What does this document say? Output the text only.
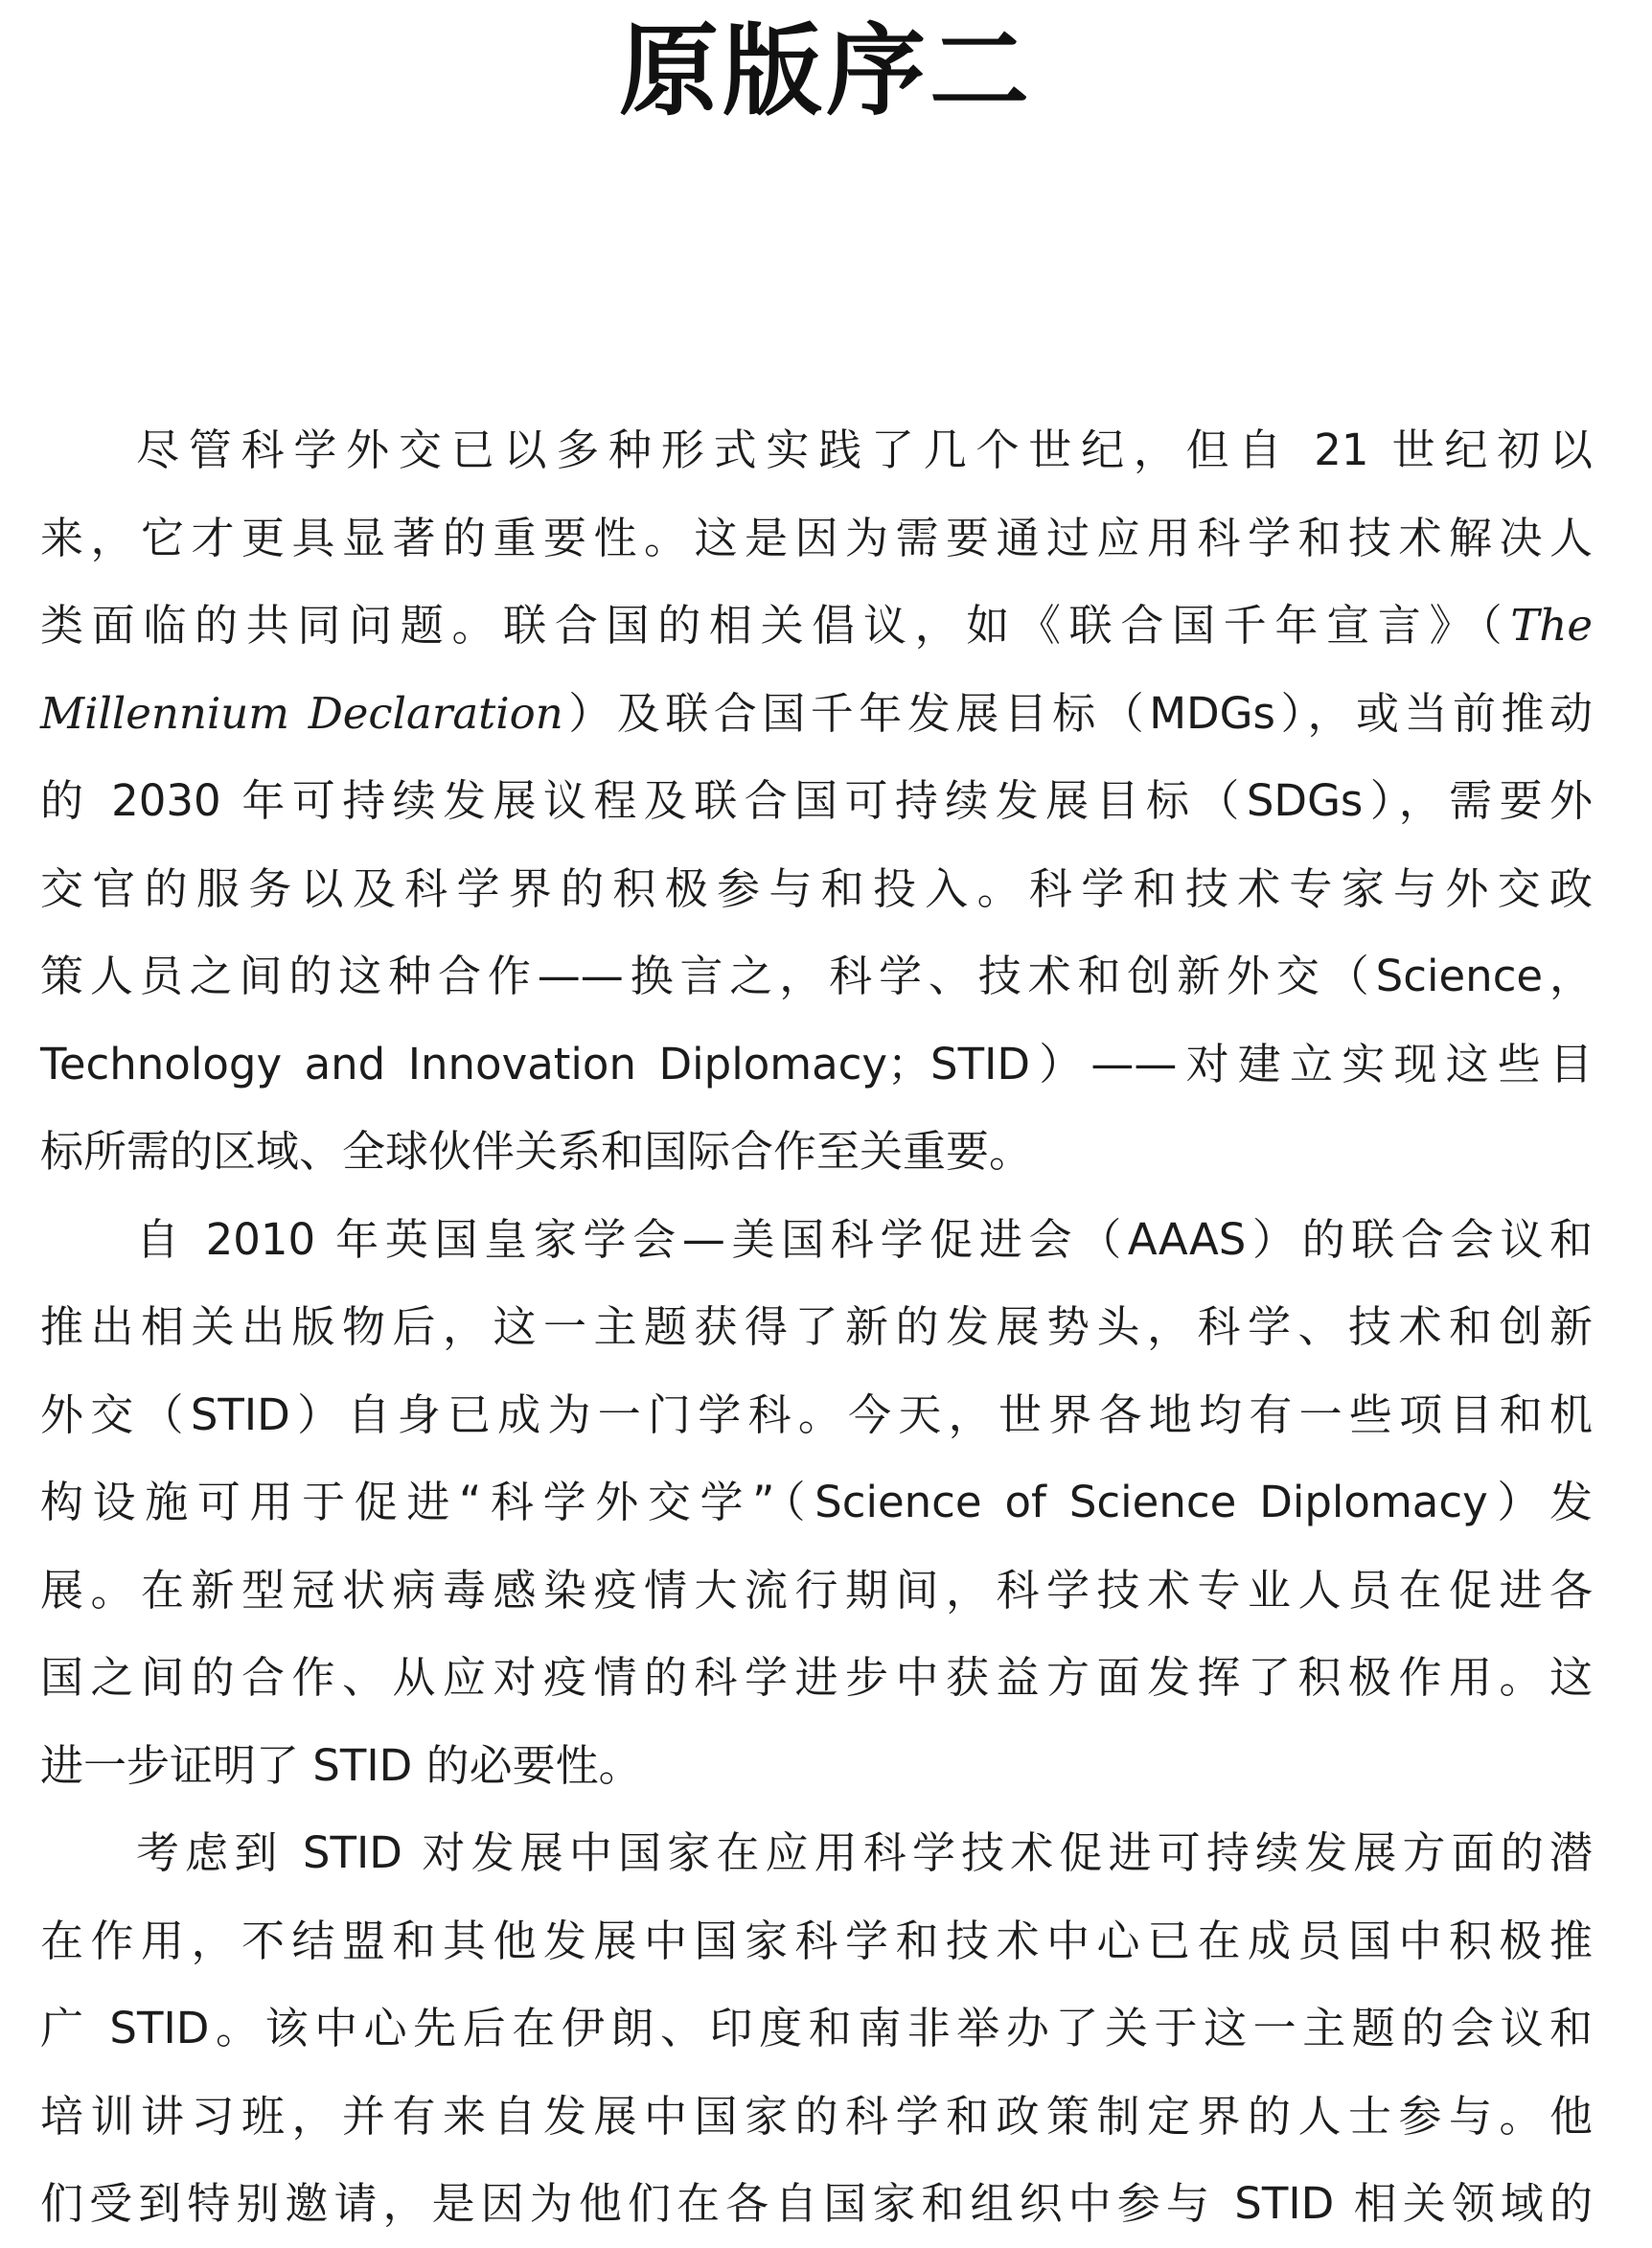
原版序二
尽管科学外交已以多种形式实践了几个世纪，但自 21 世纪初以
来，它才更具显著的重要性。这是因为需要通过应用科学和技术解决人
类面临的共同问题。联合国的相关倡议，如《联合国千年宣言》（The
Millennium Declaration）及联合国千年发展目标（MDGs），或当前推动
的 2030 年可持续发展议程及联合国可持续发展目标（SDGs），需要外
交官的服务以及科学界的积极参与和投入。科学和技术专家与外交政
策人员之间的这种合作——换言之，科学、技术和创新外交（Science，
Technology and Innovation Diplomacy；STID）——对建立实现这些目
标所需的区域、全球伙伴关系和国际合作至关重要。
自 2010 年英国皇家学会—美国科学促进会（AAAS）的联合会议和
推出相关出版物后，这一主题获得了新的发展势头，科学、技术和创新
外交（STID）自身已成为一门学科。今天，世界各地均有一些项目和机
构设施可用于促进“科学外交学”（Science of Science Diplomacy）发
展。在新型冠状病毒感染疫情大流行期间，科学技术专业人员在促进各
国之间的合作、从应对疫情的科学进步中获益方面发挥了积极作用。这
进一步证明了 STID 的必要性。
考虑到 STID 对发展中国家在应用科学技术促进可持续发展方面的潜
在作用，不结盟和其他发展中国家科学和技术中心已在成员国中积极推
广 STID。该中心先后在伊朗、印度和南非举办了关于这一主题的会议和
培训讲习班，并有来自发展中国家的科学和政策制定界的人士参与。他
们受到特别邀请，是因为他们在各自国家和组织中参与 STID 相关领域的
